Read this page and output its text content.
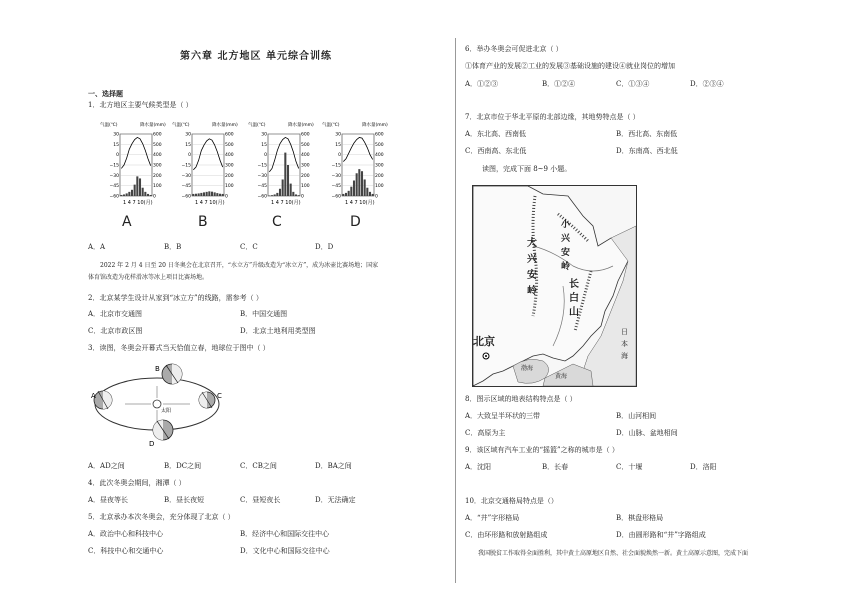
第六章 北方地区 单元综合训练
一、选择题
1．北方地区主要气候类型是（ ）
气温(℃)	降水量(mm)
30	600
15	500
0	400
−15	300
−30	200
−45	100
−60	0
1 4 7 10(月)
气温(℃)	降水量(mm)
30	600
15	500
0	400
−15	300
−30	200
−45	100
−60	0
1 4 7 10(月)
气温(℃)	降水量(mm)
30	600
15	500
0	400
−15	300
−30	200
−45	100
−60	0
1 4 7 10(月)
气温(℃)	降水量(mm)
30	600
15	500
0	400
−15	300
−30	200
−45	100
−60	0
1 4 7 10(月)
A	B	C	D
A．A	B．B	C．C	D．D
2022 年 2 月 4 日至 20 日冬奥会在北京召开，“水立方”升级改造为“冰立方”，成为冰壶比赛场地；国家
体育馆改造为花样滑冰等冰上项目比赛场地。
2．北京某学生设计从家到“冰立方”的线路，需参考（ ）
A．北京市交通图	B．中国交通图
C．北京市政区图	D．北京土地利用类型图
3．读图，冬奥会开幕式当天恰值立春，地球位于图中（ ）
A
B
C
D
太阳
A．AD之间	B．DC之间	C．CB之间	D．BA之间
4．此次冬奥会期间，湘潭（ ）
A．昼夜等长	B．昼长夜短	C．昼短夜长	D．无法确定
5．北京承办本次冬奥会，充分体现了北京（ ）
A．政治中心和科技中心	B．经济中心和国际交往中心
C．科技中心和交通中心	D．文化中心和国际交往中心
6．举办冬奥会可促进北京（ ）
①体育产业的发展②工业的发展③基础设施的建设④就业岗位的增加
A．①②③	B．①②④	C．①③④	D．②③④
7．北京市位于华北平原的北部边缘，其地势特点是（ ）
A．东北高、西南低	B．西北高、东南低
C．西南高、东北低	D．东南高、西北低
读图，完成下面 8~9 小题。
大兴安岭
小兴安岭
长白山
日本海
北京
渤海
黄海
8．图示区域的地表结构特点是（ ）
A．大致呈半环状的三带	B．山河相间
C．高原为主	D．山脉、盆地相间
9．该区域有汽车工业的“摇篮”之称的城市是（ ）
A．沈阳	B．长春	C．十堰	D．洛阳
10．北京交通格局特点是（）
A．“井”字形格局	B．棋盘形格局
C．由环形路和放射路组成	D．由圆形路和“井”字路组成
我国脱贫工作取得全面胜利，其中黄土高原地区自然、社会面貌焕然一新。黄土高原示意图，完成下面
